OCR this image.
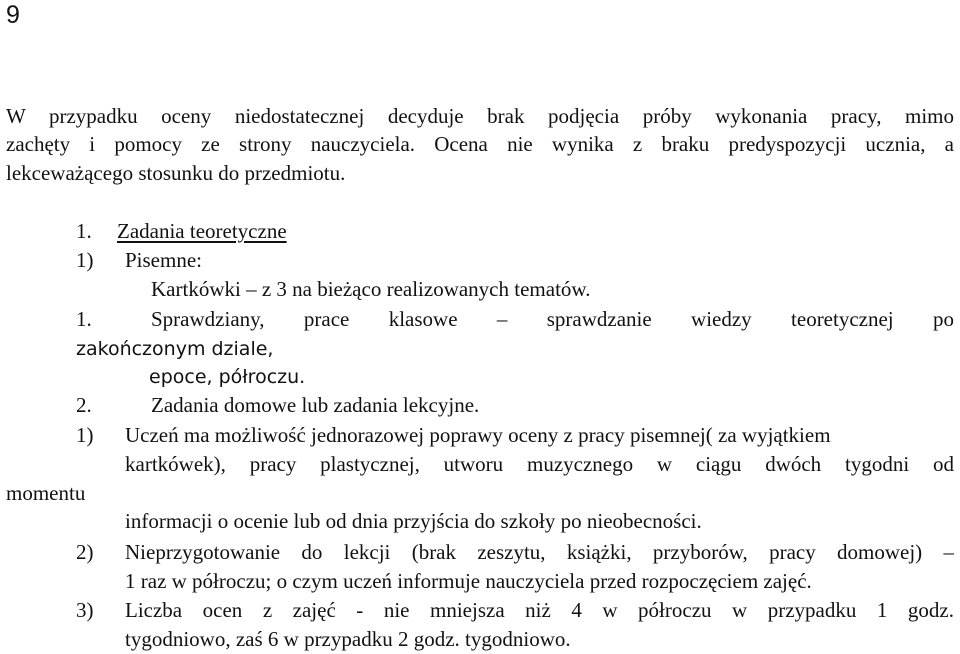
9
W przypadku oceny niedostatecznej decyduje brak podjęcia próby wykonania pracy, mimo
zachęty i pomocy ze strony nauczyciela. Ocena nie wynika z braku predyspozycji ucznia, a
lekceważącego stosunku do przedmiotu.
1. Zadania teoretyczne
1) Pisemne:
Kartkówki – z 3 na bieżąco realizowanych tematów.
1.	Sprawdziany, prace klasowe – sprawdzanie wiedzy teoretycznej po
zakończonym dziale,
epoce, półroczu.
2.	Zadania domowe lub zadania lekcyjne.
1) Uczeń ma możliwość jednorazowej poprawy oceny z pracy pisemnej( za wyjątkiem
kartkówek), pracy plastycznej, utworu muzycznego w ciągu dwóch tygodni od
momentu
informacji o ocenie lub od dnia przyjścia do szkoły po nieobecności.
2) Nieprzygotowanie do lekcji (brak zeszytu, książki, przyborów, pracy domowej) –
1 raz w półroczu; o czym uczeń informuje nauczyciela przed rozpoczęciem zajęć.
3) Liczba ocen z zajęć - nie mniejsza niż 4 w półroczu w przypadku 1 godz.
tygodniowo, zaś 6 w przypadku 2 godz. tygodniowo.
